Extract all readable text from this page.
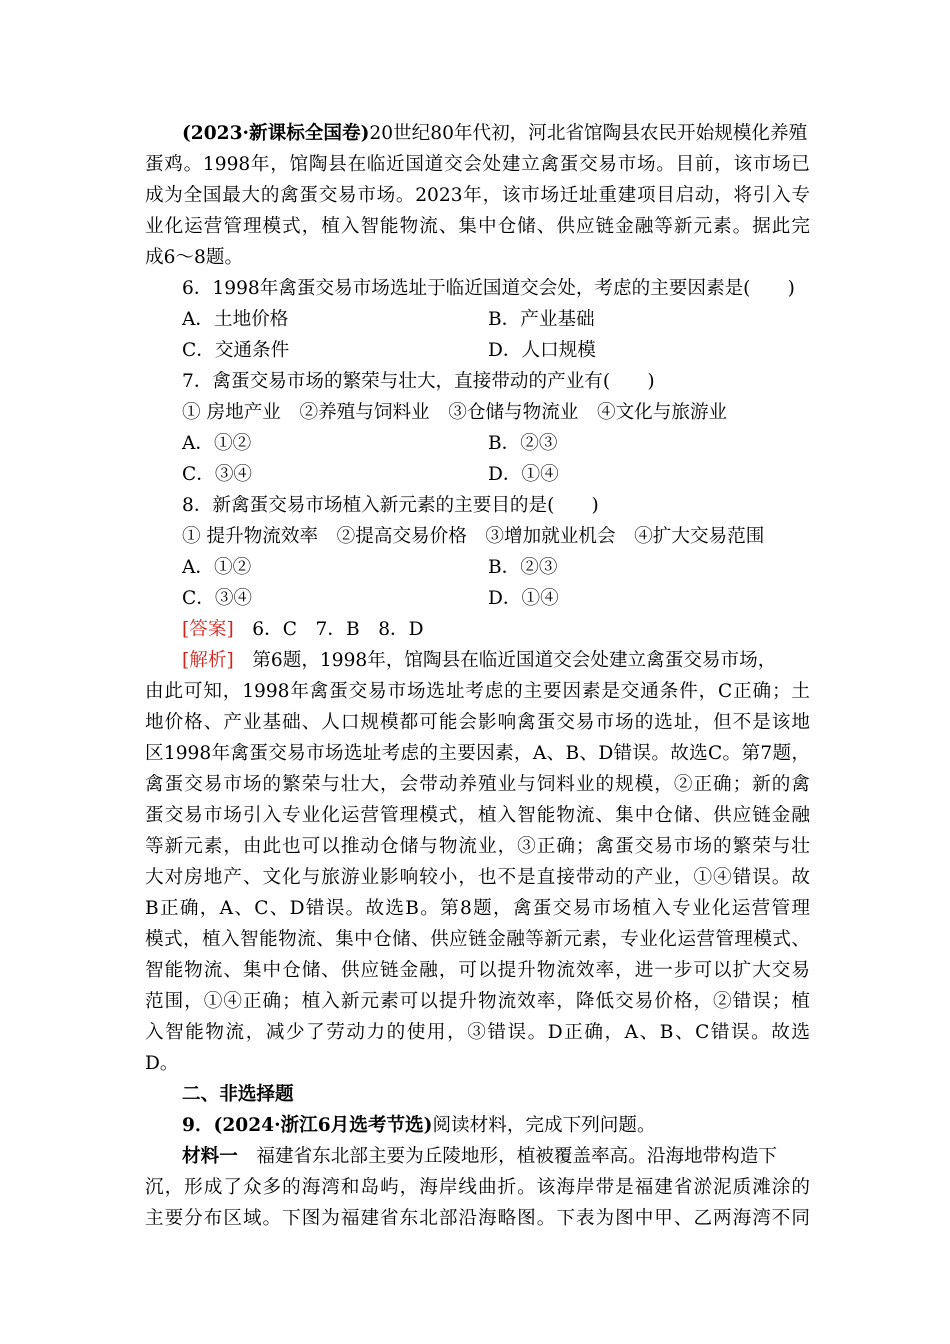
(2023·新课标全国卷)20世纪80年代初，河北省馆陶县农民开始规模化养殖
蛋鸡。1998年，馆陶县在临近国道交会处建立禽蛋交易市场。目前，该市场已
成为全国最大的禽蛋交易市场。2023年，该市场迁址重建项目启动，将引入专
业化运营管理模式，植入智能物流、集中仓储、供应链金融等新元素。据此完
成6～8题。
6．1998年禽蛋交易市场选址于临近国道交会处，考虑的主要因素是(　　)
A．土地价格	B．产业基础
C．交通条件	D．人口规模
7．禽蛋交易市场的繁荣与壮大，直接带动的产业有(　　)
① 房地产业　②养殖与饲料业　③仓储与物流业　④文化与旅游业
A．①②	B．②③
C．③④	D．①④
8．新禽蛋交易市场植入新元素的主要目的是(　　)
① 提升物流效率　②提高交易价格　③增加就业机会　④扩大交易范围
A．①②	B．②③
C．③④	D．①④
[答案]　6．C　7．B　8．D
[解析]　第6题，1998年，馆陶县在临近国道交会处建立禽蛋交易市场，
由此可知，1998年禽蛋交易市场选址考虑的主要因素是交通条件，C正确；土
地价格、产业基础、人口规模都可能会影响禽蛋交易市场的选址，但不是该地
区1998年禽蛋交易市场选址考虑的主要因素，A、B、D错误。故选C。第7题，
禽蛋交易市场的繁荣与壮大，会带动养殖业与饲料业的规模，②正确；新的禽
蛋交易市场引入专业化运营管理模式，植入智能物流、集中仓储、供应链金融
等新元素，由此也可以推动仓储与物流业，③正确；禽蛋交易市场的繁荣与壮
大对房地产、文化与旅游业影响较小，也不是直接带动的产业，①④错误。故
B正确，A、C、D错误。故选B。第8题，禽蛋交易市场植入专业化运营管理
模式，植入智能物流、集中仓储、供应链金融等新元素，专业化运营管理模式、
智能物流、集中仓储、供应链金融，可以提升物流效率，进一步可以扩大交易
范围，①④正确；植入新元素可以提升物流效率，降低交易价格，②错误；植
入智能物流，减少了劳动力的使用，③错误。D正确，A、B、C错误。故选
D。
二、非选择题
9．(2024·浙江6月选考节选)阅读材料，完成下列问题。
材料一　福建省东北部主要为丘陵地形，植被覆盖率高。沿海地带构造下
沉，形成了众多的海湾和岛屿，海岸线曲折。该海岸带是福建省淤泥质滩涂的
主要分布区域。下图为福建省东北部沿海略图。下表为图中甲、乙两海湾不同
